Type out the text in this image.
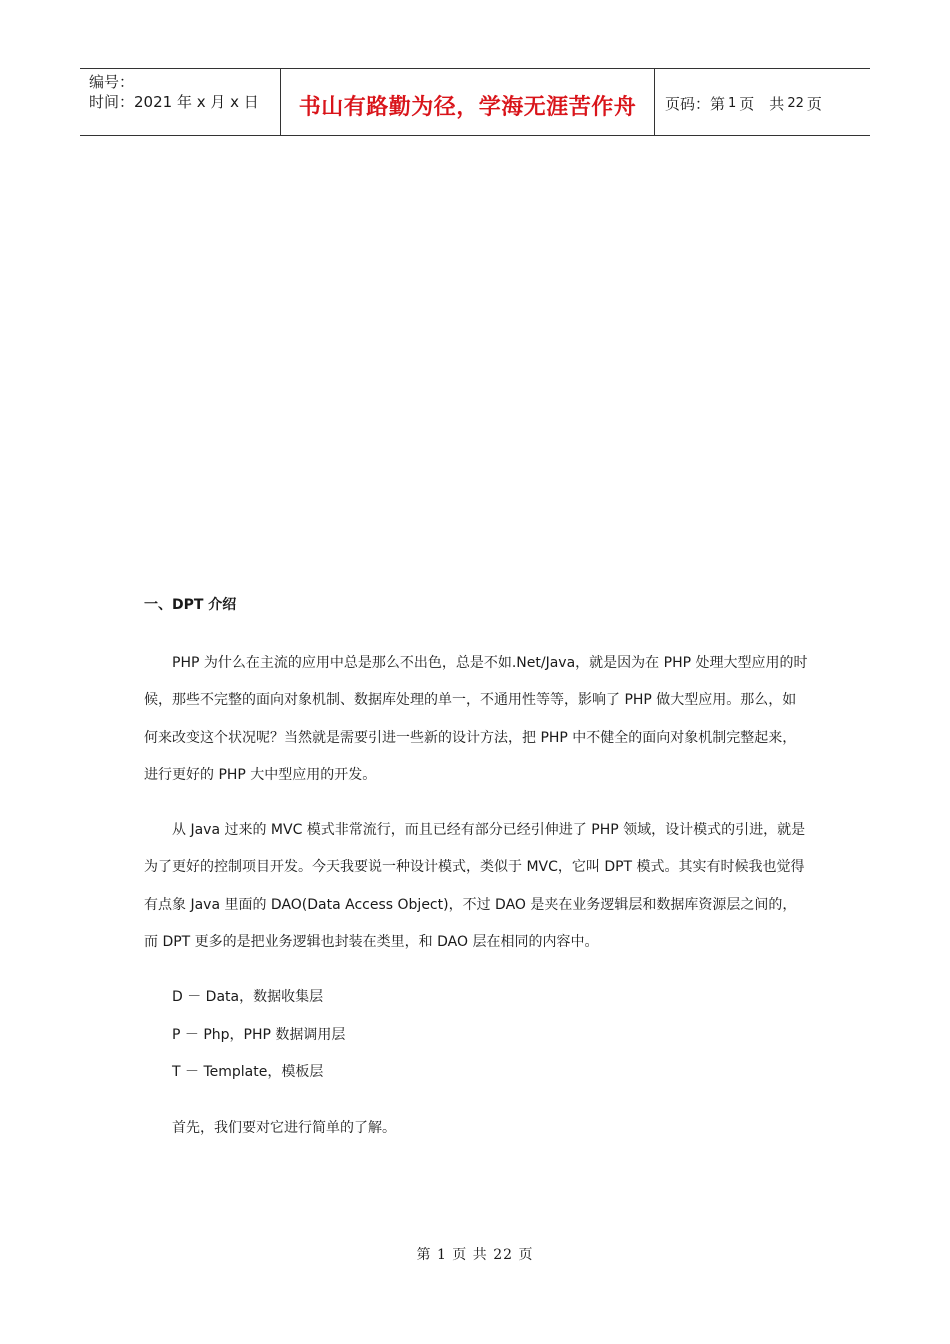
编号：
时间：2021 年 x 月 x 日	书山有路勤为径，学海无涯苦作舟 页码：第 1 页　共 22 页
一、DPT 介绍

PHP 为什么在主流的应用中总是那么不出色，总是不如.Net/Java，就是因为在 PHP 处理大型应用的时候，那些不完整的面向对象机制、数据库处理的单一，不通用性等等，影响了 PHP 做大型应用。那么，如何来改变这个状况呢？当然就是需要引进一些新的设计方法，把 PHP 中不健全的面向对象机制完整起来，进行更好的 PHP 大中型应用的开发。

从 Java 过来的 MVC 模式非常流行，而且已经有部分已经引伸进了 PHP 领域，设计模式的引进，就是为了更好的控制项目开发。今天我要说一种设计模式，类似于 MVC，它叫 DPT 模式。其实有时候我也觉得有点象 Java 里面的 DAO(Data Access Object)，不过 DAO 是夹在业务逻辑层和数据库资源层之间的，而 DPT 更多的是把业务逻辑也封装在类里，和 DAO 层在相同的内容中。

D － Data，数据收集层

P － Php，PHP 数据调用层

T － Template，模板层

首先，我们要对它进行简单的了解。

第 1 页 共 22 页
